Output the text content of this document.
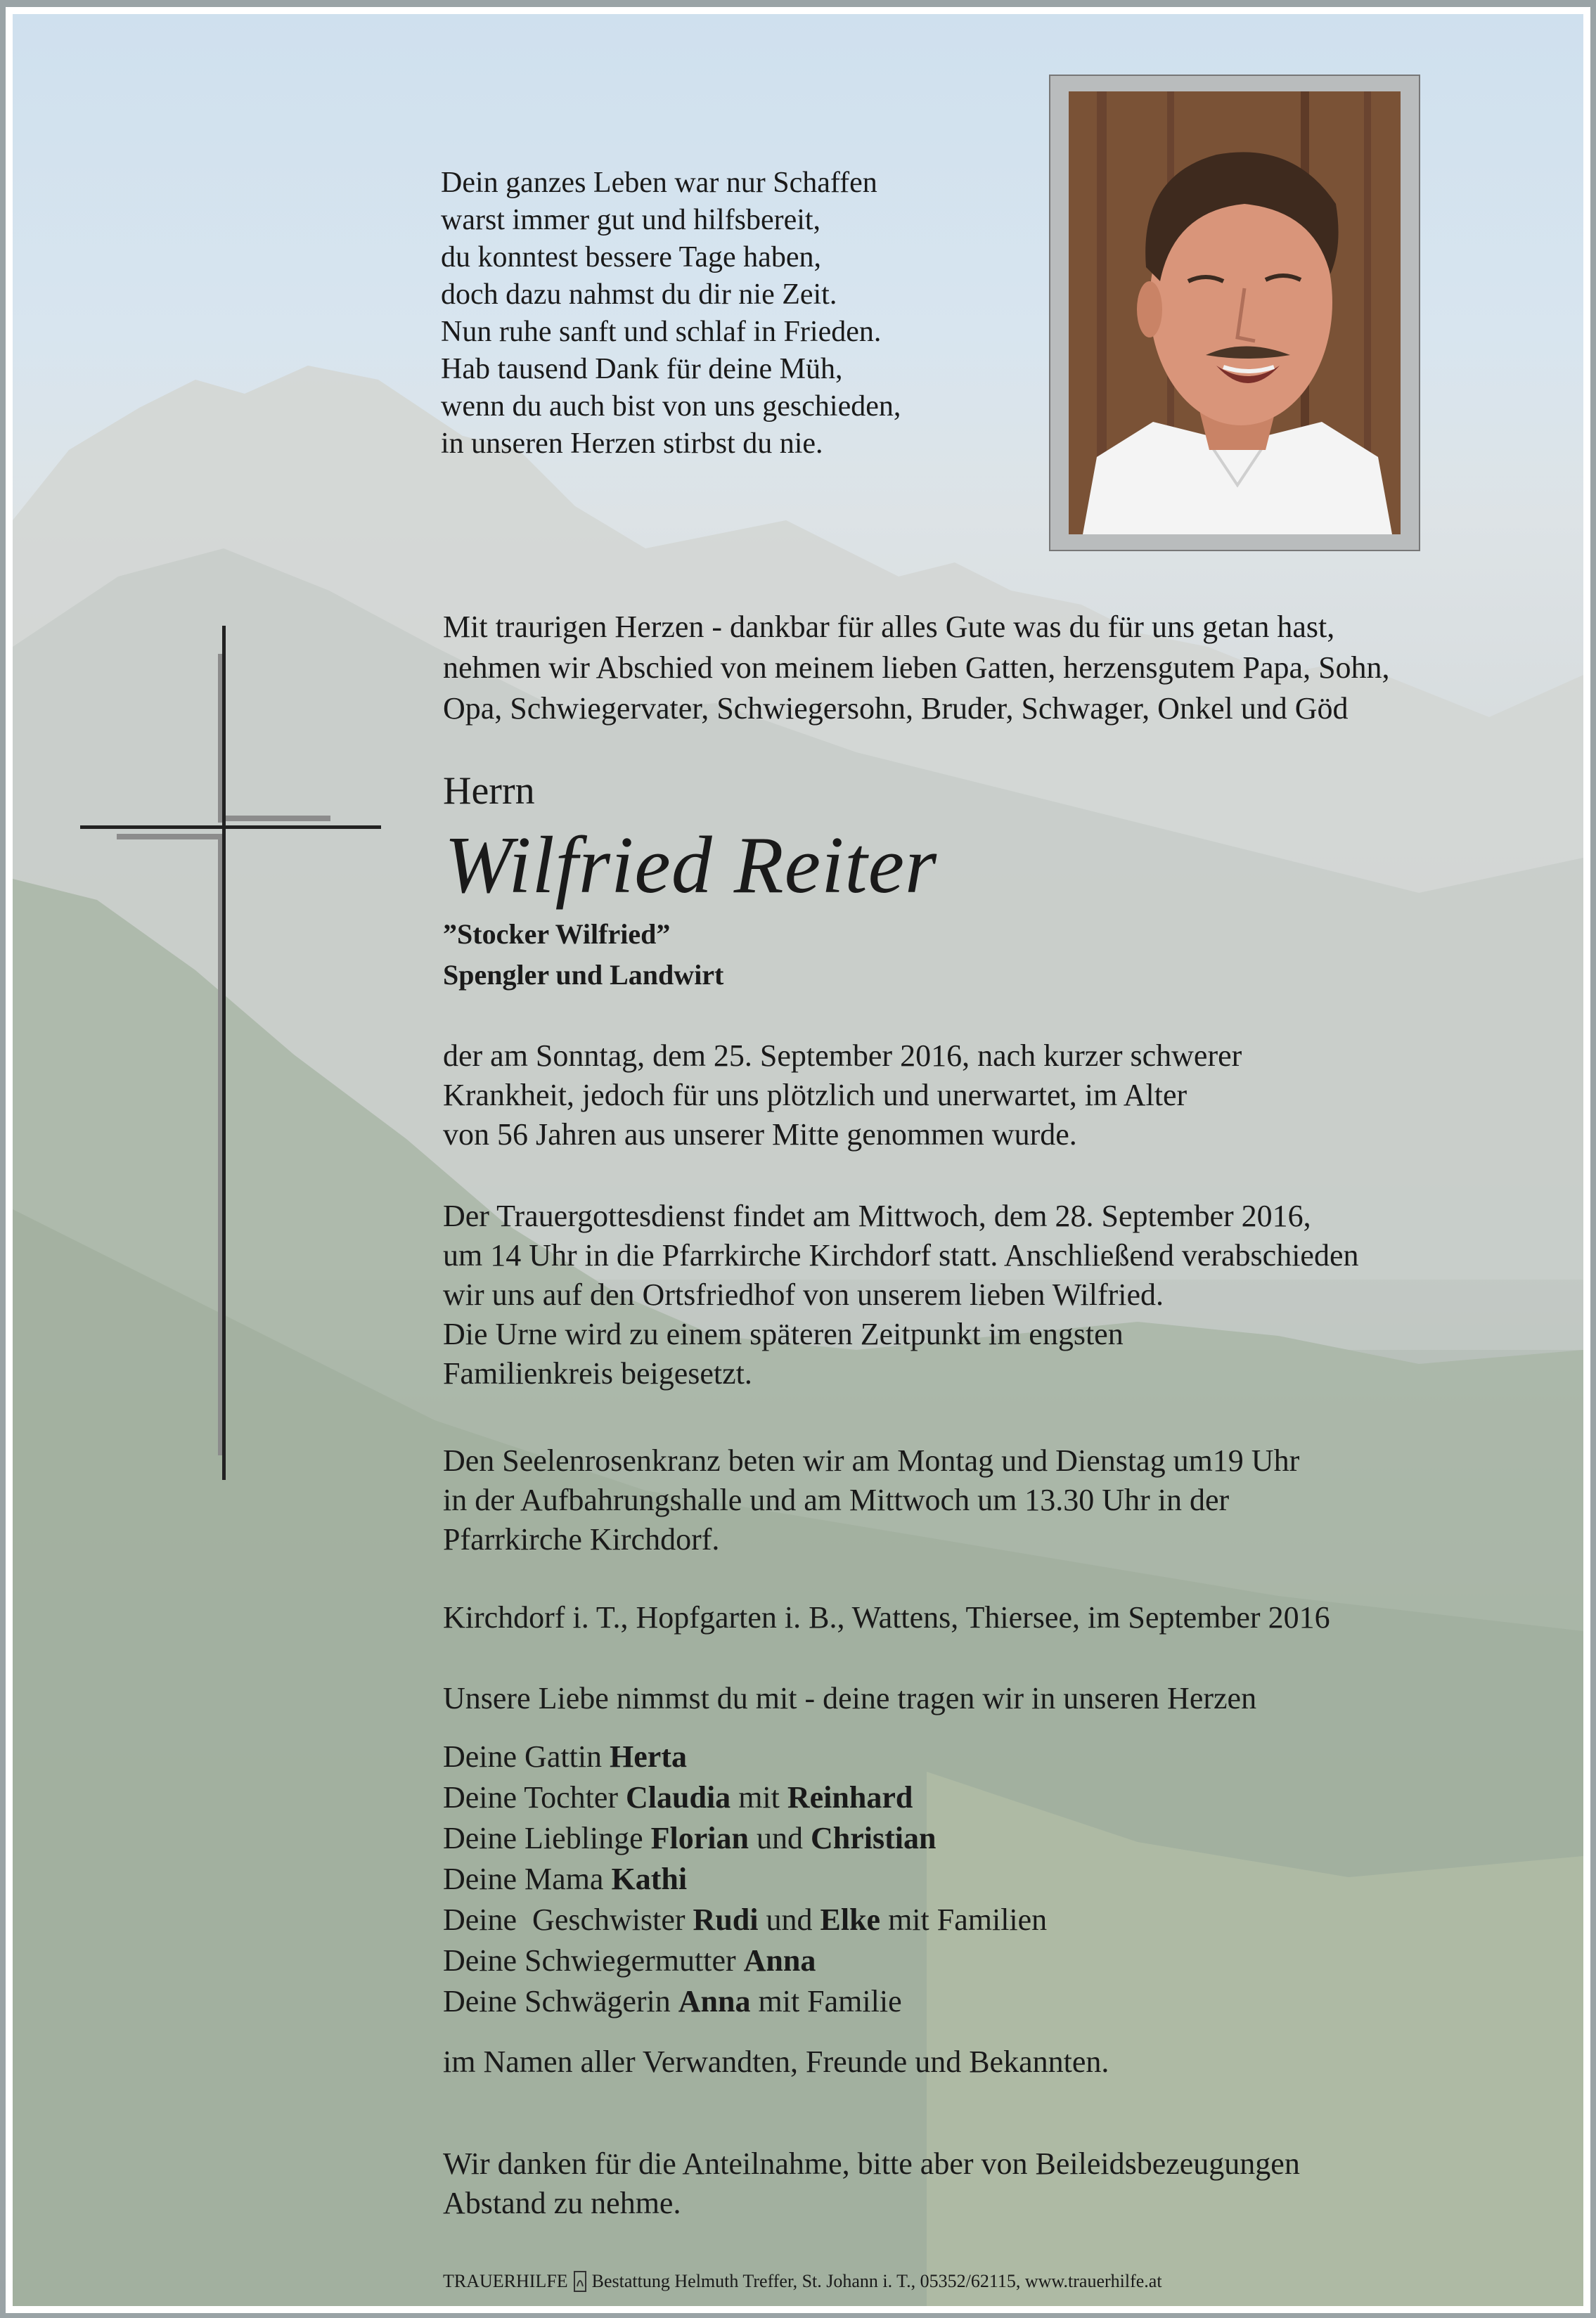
Dein ganzes Leben war nur Schaffen
warst immer gut und hilfsbereit,
du konntest bessere Tage haben,
doch dazu nahmst du dir nie Zeit.
Nun ruhe sanft und schlaf in Frieden.
Hab tausend Dank für deine Müh,
wenn du auch bist von uns geschieden,
in unseren Herzen stirbst du nie.
Mit traurigen Herzen - dankbar für alles Gute was du für uns getan hast,
nehmen wir Abschied von meinem lieben Gatten, herzensgutem Papa, Sohn,
Opa, Schwiegervater, Schwiegersohn, Bruder, Schwager, Onkel und Göd
Herrn
Wilfried Reiter
”Stocker Wilfried”
Spengler und Landwirt
der am Sonntag, dem 25. September 2016, nach kurzer schwerer
Krankheit, jedoch für uns plötzlich und unerwartet, im Alter
von 56 Jahren aus unserer Mitte genommen wurde.
Der Trauergottesdienst findet am Mittwoch, dem 28. September 2016,
um 14 Uhr in die Pfarrkirche Kirchdorf statt. Anschließend verabschieden
wir uns auf den Ortsfriedhof von unserem lieben Wilfried.
Die Urne wird zu einem späteren Zeitpunkt im engsten
Familienkreis beigesetzt.
Den Seelenrosenkranz beten wir am Montag und Dienstag um19 Uhr
in der Aufbahrungshalle und am Mittwoch um 13.30 Uhr in der
Pfarrkirche Kirchdorf.
Kirchdorf i. T., Hopfgarten i. B., Wattens, Thiersee, im September 2016
Unsere Liebe nimmst du mit - deine tragen wir in unseren Herzen
Deine Gattin Herta
Deine Tochter Claudia mit Reinhard
Deine Lieblinge Florian und Christian
Deine Mama Kathi
Deine  Geschwister Rudi und Elke mit Familien
Deine Schwiegermutter Anna
Deine Schwägerin Anna mit Familie
im Namen aller Verwandten, Freunde und Bekannten.
Wir danken für die Anteilnahme, bitte aber von Beileidsbezeugungen
Abstand zu nehme.
TRAUERHILFE Bestattung Helmuth Treffer, St. Johann i. T., 05352/62115, www.trauerhilfe.at
